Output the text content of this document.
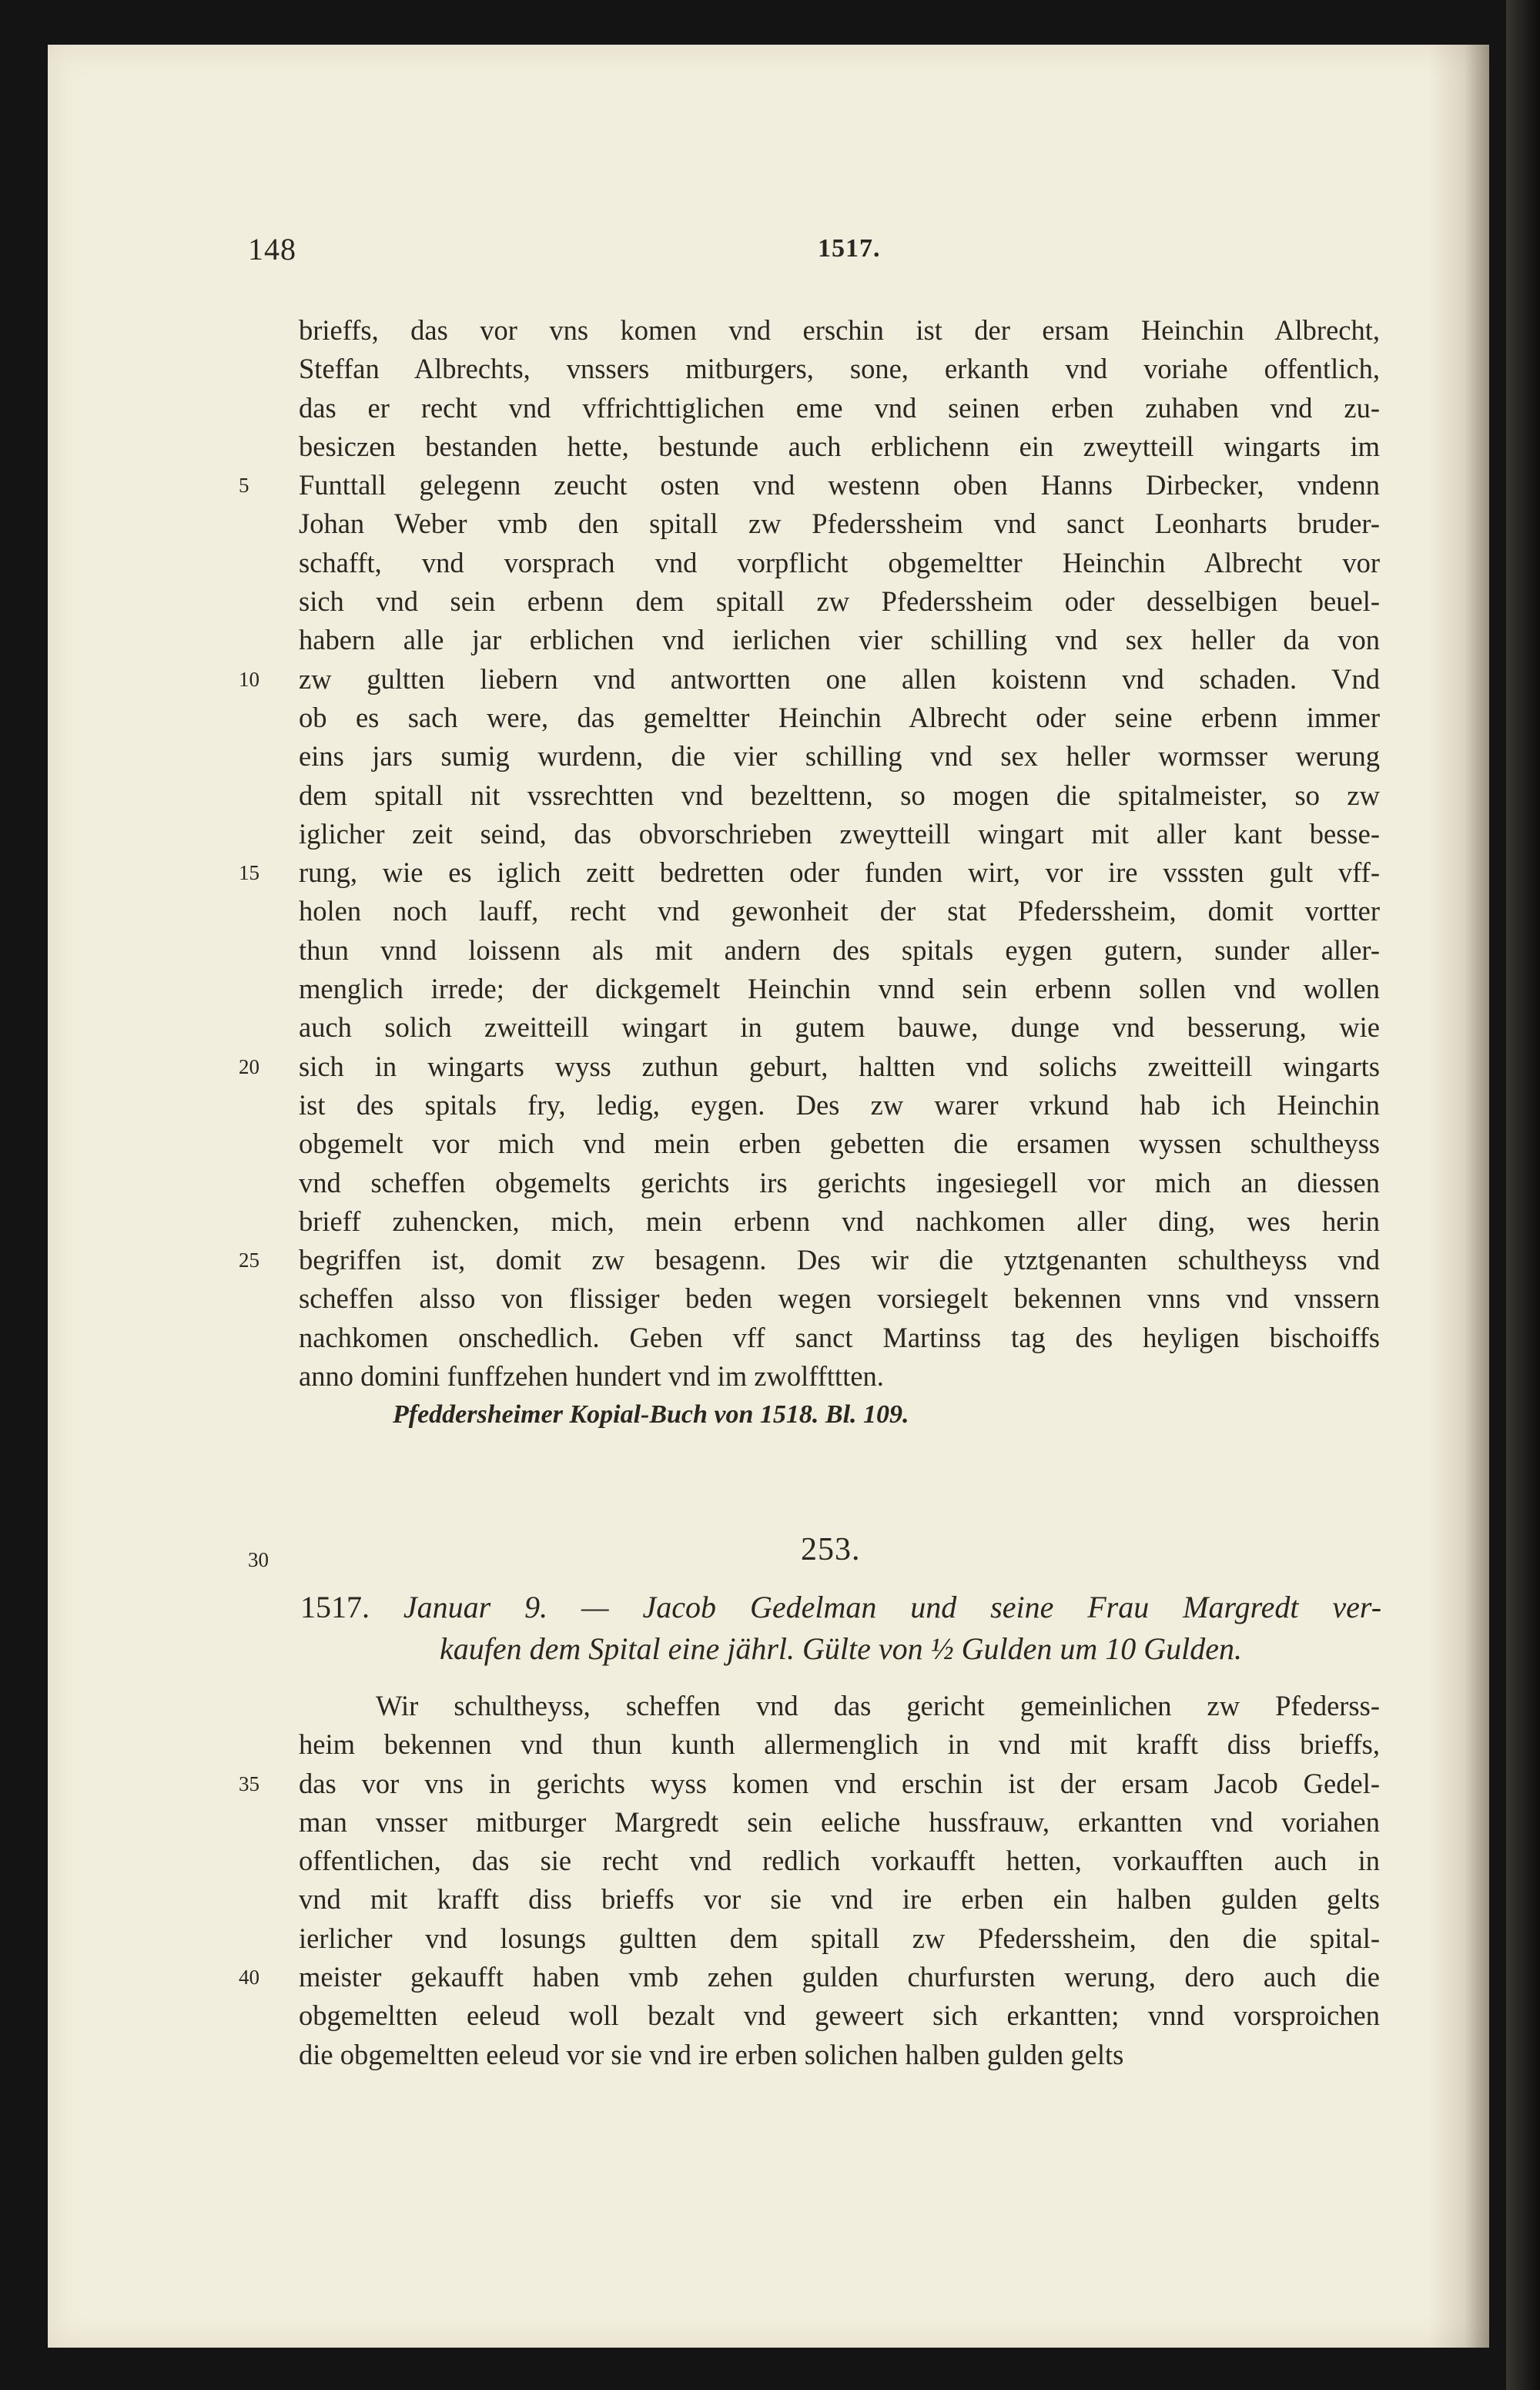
148	1517.
brieffs, das vor vns komen vnd erschin ist der ersam Heinchin Albrecht,
Steffan Albrechts, vnssers mitburgers, sone, erkanth vnd voriahe offentlich,
das er recht vnd vffrichttiglichen eme vnd seinen erben zuhaben vnd zu-
besiczen bestanden hette, bestunde auch erblichenn ein zweytteill wingarts im
5	Funttall gelegenn zeucht osten vnd westenn oben Hanns Dirbecker, vndenn
Johan Weber vmb den spitall zw Pfederssheim vnd sanct Leonharts bruder-
schafft, vnd vorsprach vnd vorpflicht obgemeltter Heinchin Albrecht vor
sich vnd sein erbenn dem spitall zw Pfederssheim oder desselbigen beuel-
habern alle jar erblichen vnd ierlichen vier schilling vnd sex heller da von
10	zw gultten liebern vnd antwortten one allen koistenn vnd schaden. Vnd
ob es sach were, das gemeltter Heinchin Albrecht oder seine erbenn immer
eins jars sumig wurdenn, die vier schilling vnd sex heller wormsser werung
dem spitall nit vssrechtten vnd bezelttenn, so mogen die spitalmeister, so zw
iglicher zeit seind, das obvorschrieben zweytteill wingart mit aller kant besse-
15	rung, wie es iglich zeitt bedretten oder funden wirt, vor ire vsssten gult vff-
holen noch lauff, recht vnd gewonheit der stat Pfederssheim, domit vortter
thun vnnd loissenn als mit andern des spitals eygen gutern, sunder aller-
menglich irrede; der dickgemelt Heinchin vnnd sein erbenn sollen vnd wollen
auch solich zweitteill wingart in gutem bauwe, dunge vnd besserung, wie
20	sich in wingarts wyss zuthun geburt, haltten vnd solichs zweitteill wingarts
ist des spitals fry, ledig, eygen. Des zw warer vrkund hab ich Heinchin
obgemelt vor mich vnd mein erben gebetten die ersamen wyssen schultheyss
vnd scheffen obgemelts gerichts irs gerichts ingesiegell vor mich an diessen
brieff zuhencken, mich, mein erbenn vnd nachkomen aller ding, wes herin
25	begriffen ist, domit zw besagenn. Des wir die ytztgenanten schultheyss vnd
scheffen alsso von flissiger beden wegen vorsiegelt bekennen vnns vnd vnssern
nachkomen onschedlich. Geben vff sanct Martinss tag des heyligen bischoiffs
anno domini funffzehen hundert vnd im zwolffttten.
Pfeddersheimer Kopial-Buch von 1518. Bl. 109.
30	253.
1517. Januar 9. — Jacob Gedelman und seine Frau Margredt ver-
kaufen dem Spital eine jährl. Gülte von ½ Gulden um 10 Gulden.
Wir schultheyss, scheffen vnd das gericht gemeinlichen zw Pfederss-
heim bekennen vnd thun kunth allermenglich in vnd mit krafft diss brieffs,
35	das vor vns in gerichts wyss komen vnd erschin ist der ersam Jacob Gedel-
man vnsser mitburger Margredt sein eeliche hussfrauw, erkantten vnd voriahen
offentlichen, das sie recht vnd redlich vorkaufft hetten, vorkaufften auch in
vnd mit krafft diss brieffs vor sie vnd ire erben ein halben gulden gelts
ierlicher vnd losungs gultten dem spitall zw Pfederssheim, den die spital-
40	meister gekaufft haben vmb zehen gulden churfursten werung, dero auch die
obgemeltten eeleud woll bezalt vnd geweert sich erkantten; vnnd vorsproichen
die obgemeltten eeleud vor sie vnd ire erben solichen halben gulden gelts
